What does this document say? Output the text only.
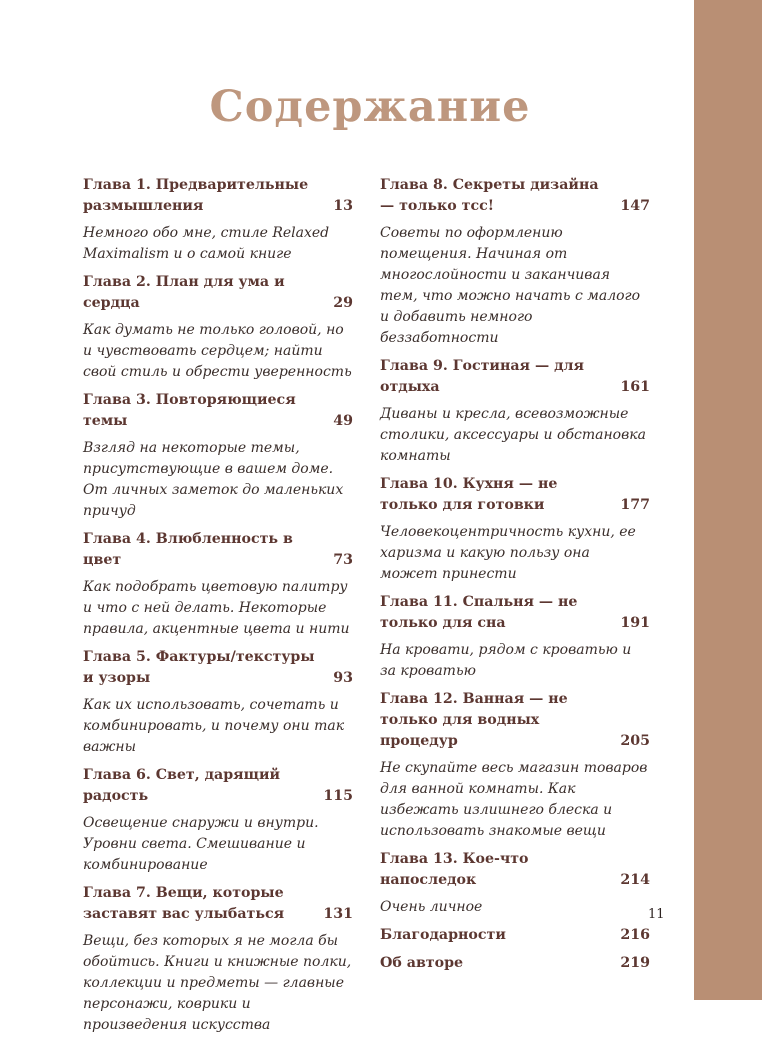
Содержание
Глава 1. Предварительные размышления	13
Немного обо мне, стиле Relaxed Maximalism и о самой книге
Глава 2. План для ума и сердца	29
Как думать не только головой, но и чувствовать сердцем; найти свой стиль и обрести уверенность
Глава 3. Повторяющиеся темы	49
Взгляд на некоторые темы, присутствующие в вашем доме. От личных заметок до маленьких причуд
Глава 4. Влюбленность в цвет	73
Как подобрать цветовую палитру и что с ней делать. Некоторые правила, акцентные цвета и нити
Глава 5. Фактуры/текстуры и узоры	93
Как их использовать, сочетать и комбинировать, и почему они так важны
Глава 6. Свет, дарящий радость	115
Освещение снаружи и внутри. Уровни света. Смешивание и комбинирование
Глава 7. Вещи, которые заставят вас улыбаться	131
Вещи, без которых я не могла бы обойтись. Книги и книжные полки, коллекции и предметы — главные персонажи, коврики и произведения искусства
Глава 8. Секреты дизайна — только тсс!	147
Советы по оформлению помещения. Начиная от многослойности и заканчивая тем, что можно начать с малого и добавить немного беззаботности
Глава 9. Гостиная — для отдыха	161
Диваны и кресла, всевозможные столики, аксессуары и обстановка комнаты
Глава 10. Кухня — не только для готовки	177
Человекоцентричность кухни, ее харизма и какую пользу она может принести
Глава 11. Спальня — не только для сна	191
На кровати, рядом с кроватью и за кроватью
Глава 12. Ванная — не только для водных процедур	205
Не скупайте весь магазин товаров для ванной комнаты. Как избежать излишнего блеска и использовать знакомые вещи
Глава 13. Кое-что напоследок	214
Очень личное
Благодарности	216
Об авторе	219
11
